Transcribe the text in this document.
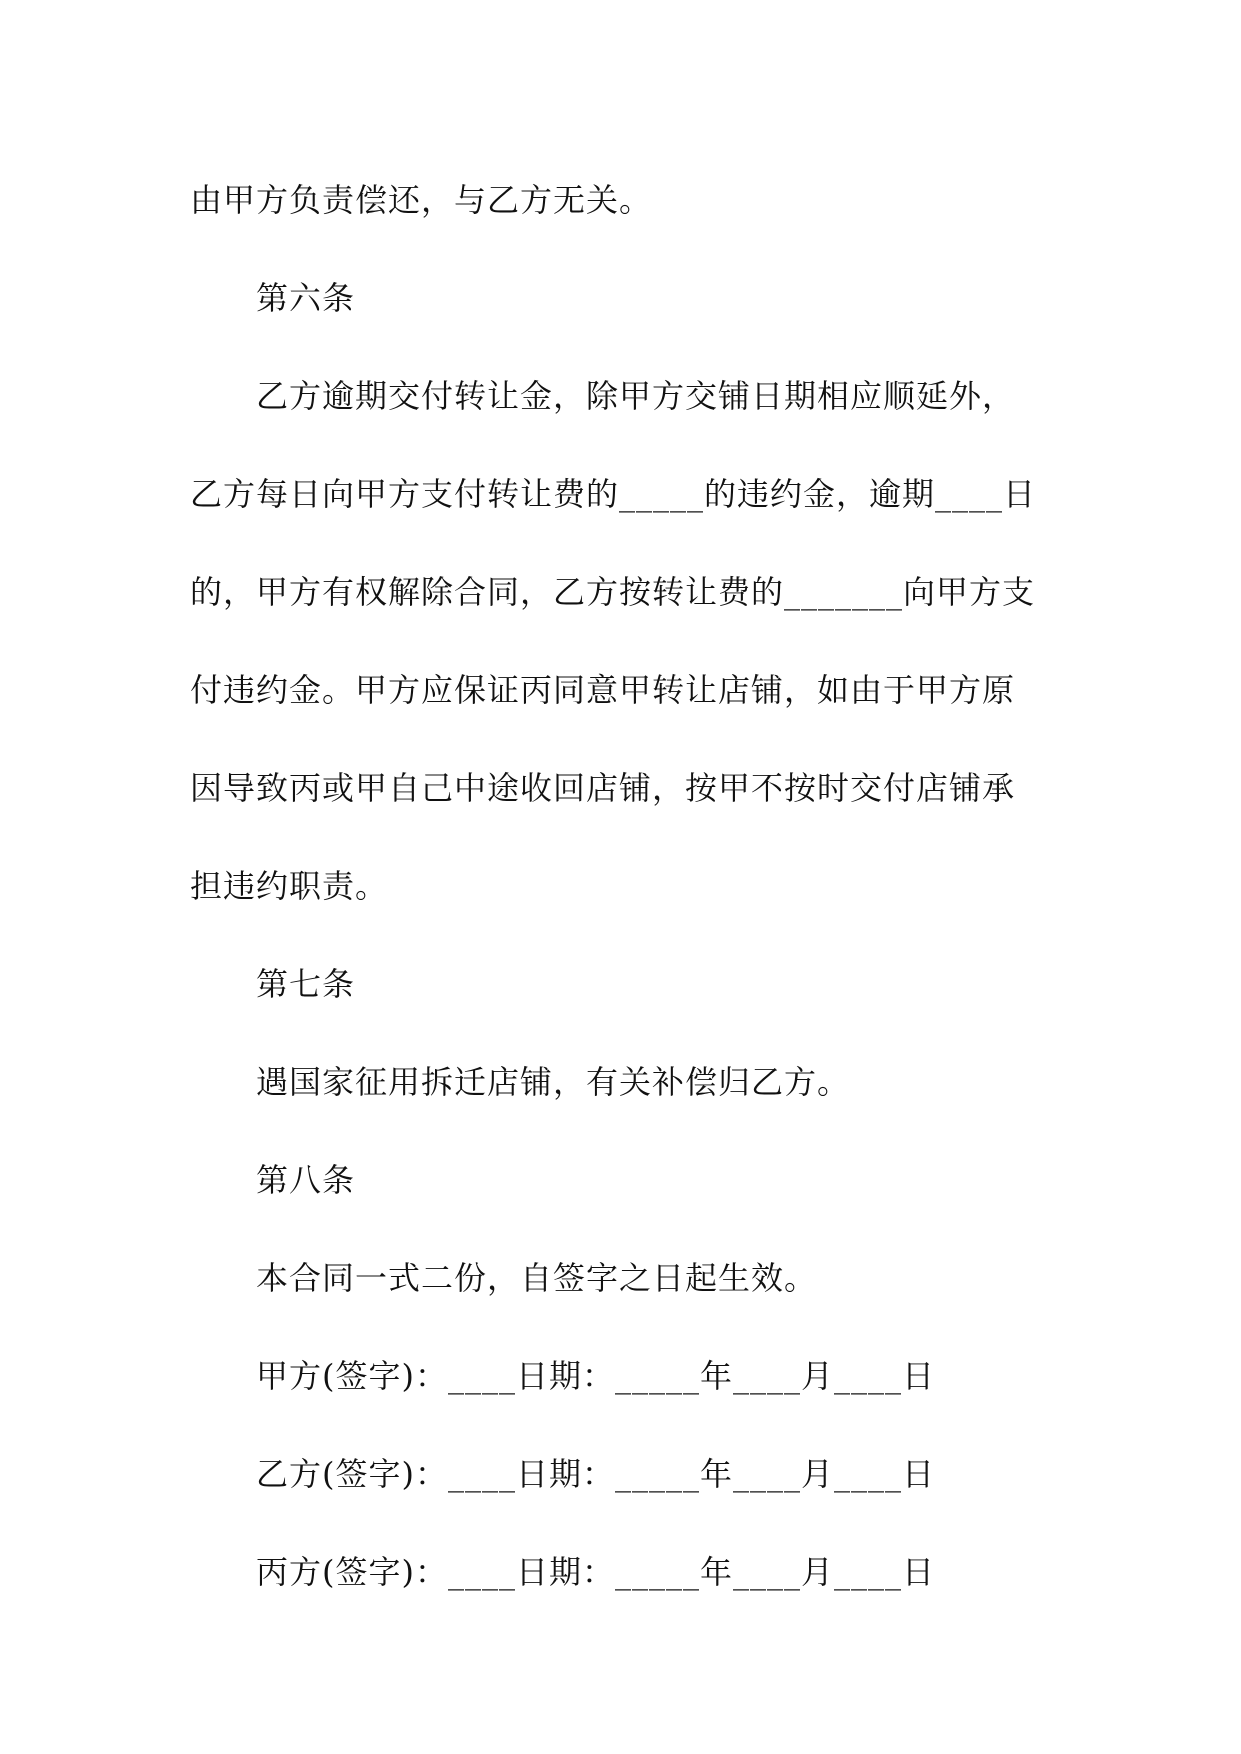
由甲方负责偿还，与乙方无关。
第六条
乙方逾期交付转让金，除甲方交铺日期相应顺延外，
乙方每日向甲方支付转让费的_____的违约金，逾期____日
的，甲方有权解除合同，乙方按转让费的_______向甲方支
付违约金。甲方应保证丙同意甲转让店铺，如由于甲方原
因导致丙或甲自己中途收回店铺，按甲不按时交付店铺承
担违约职责。
第七条
遇国家征用拆迁店铺，有关补偿归乙方。
第八条
本合同一式二份，自签字之日起生效。
甲方(签字)：____日期：_____年____月____日
乙方(签字)：____日期：_____年____月____日
丙方(签字)：____日期：_____年____月____日
